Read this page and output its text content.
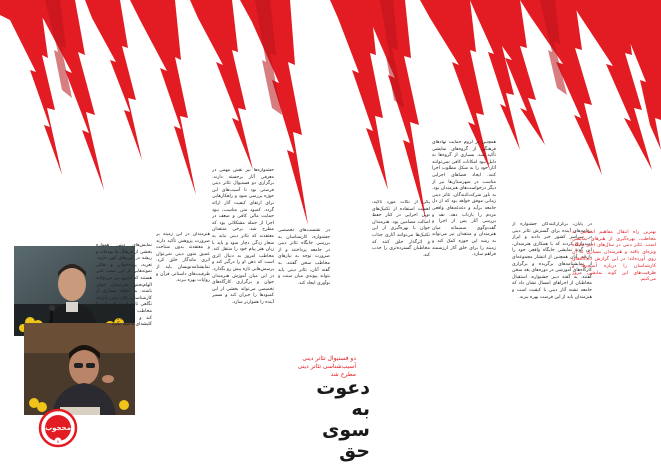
محجوب
۸

نمایش‌های دینی همواره بخشی از فرهنگ ما بوده‌اند و ریشه در آیین‌های کهن دارند. تعزیه، پرده‌خوانی و نقالی نمونه‌هایی از این سنت غنی هستند که امروز نیز می‌توانند الهام‌بخش هنرمندان جوان باشند. به اعتقاد بسیاری از کارشناسان، تئاتر دینی نیازمند نگاهی تازه است تا بتواند با مخاطب امروز ارتباط برقرار کند و از تکرار قالب‌های کلیشه‌ای فاصله بگیرد.

هنرمندان در این زمینه بر ضرورت پژوهش تأکید دارند و معتقدند بدون شناخت عمیق متون دینی نمی‌توان اثری ماندگار خلق کرد. نمایشنامه‌نویسان باید از ظرفیت‌های داستانی قرآن و روایات بهره ببرند.

جشنواره‌ها نیز نقش مهمی در معرفی آثار برجسته دارند. برگزاری دو فستیوال تئاتر دینی فرصتی بود تا آسیب‌های این حوزه بررسی شود و راهکارهایی برای ارتقای کیفیت آثار ارائه گردد. کمبود متن مناسب، نبود حمایت مالی کافی و ضعف در اجرا از جمله مشکلاتی بود که مطرح شد. برخی منتقدان معتقدند که تئاتر دینی نباید به شعار زدگی دچار شود و باید با زبان هنر پیام خود را منتقل کند. مخاطب امروز به دنبال اثری است که ذهن او را درگیر کند و پرسش‌هایی تازه پیش رو بگذارد. در این میان آموزش هنرمندان جوان و برگزاری کارگاه‌های تخصصی می‌تواند بخشی از این کمبودها را جبران کند و مسیر آینده را هموارتر سازد.

در نشست‌های تخصصی جشنواره، کارشناسان به بررسی جایگاه تئاتر دینی در جامعه پرداختند و از ضرورت توجه به نیازهای مخاطب سخن گفتند. به گفته آنان، تئاتر دینی باید بتواند پیوندی میان سنت و نوآوری ایجاد کند.

دو فستیوال تئاتر دینی
آسیب‌شناسی تئاتر دینی
مطرح شد
دعوت
به سوی
حق

یکی از نکات مورد تأکید، اهمیت استفاده از تکنیک‌های نوین اجرایی در کنار حفظ اصالت مضامین بود. هنرمندان جوان با بهره‌گیری از این تکنیک‌ها می‌توانند آثاری جذاب و اثرگذار خلق کنند که مخاطبان گسترده‌تری را جذب کند.

همچنین بر لزوم حمایت نهادهای فرهنگی از گروه‌های نمایشی تأکید شد. بسیاری از گروه‌ها به دلیل نبود امکانات کافی نمی‌توانند آثار خود را به شکل مطلوب اجرا کنند. ایجاد فضاهای اجرایی مناسب در شهرستان‌ها نیز از دیگر درخواست‌های هنرمندان بود. به باور شرکت‌کنندگان، تئاتر دینی زمانی موفق خواهد بود که از دل جامعه برآید و دغدغه‌های واقعی مردم را بازتاب دهد. نقد و بررسی آثار پس از اجرا و گفت‌وگوی صمیمانه میان هنرمندان و منتقدان نیز می‌تواند به رشد این حوزه کمک کند و زمینه را برای خلق آثار ارزشمند فراهم سازد.

در پایان، برگزارکنندگان جشنواره از برنامه‌های آینده برای گسترش تئاتر دینی در سراسر کشور خبر دادند و ابراز امیدواری کردند که با همکاری هنرمندان، این گونه نمایشی جایگاه واقعی خود را بازیابد. آنان همچنین از انتشار مجموعه‌ای از نمایشنامه‌های برگزیده و برگزاری کارگاه‌های آموزشی در دوره‌های بعد سخن گفتند. به گفته دبیر جشنواره، استقبال مخاطبان از اجراهای امسال نشان داد که جامعه تشنه آثار دینی با کیفیت است و هنرمندان باید از این فرصت بهره ببرند.

بهترین راه انتقال مفاهیم اسلامی به مخاطب، بهره‌گیری از هنرهای نمایشی است. تئاتر دینی در سال‌های اخیر جایگاه ویژه‌ای یافته و هنرمندان بسیاری به آن روی آورده‌اند؛ در این گزارش دیدگاه‌های کارشناسان را درباره آسیب‌ها و ظرفیت‌های این گونه نمایشی مرور می‌کنیم.
